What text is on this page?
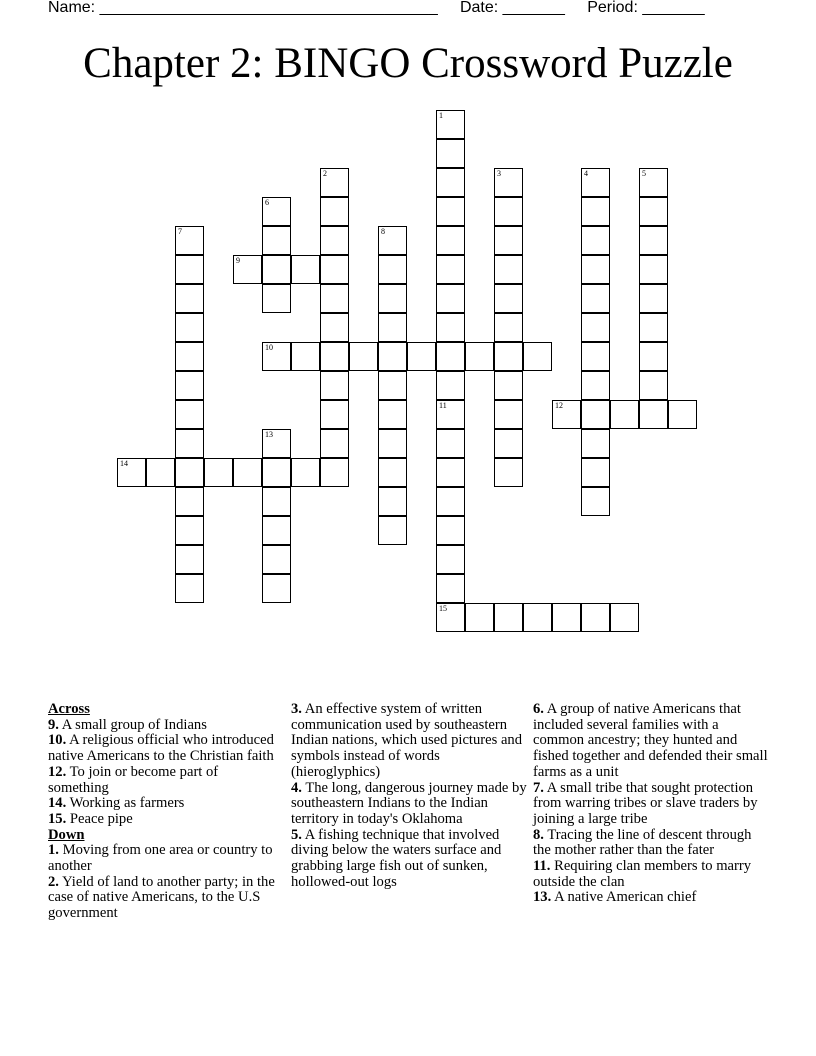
Name: ______________________________________ Date: _______ Period: _______
Chapter 2: BINGO Crossword Puzzle
1
11
2	3	4	5
6
7	8
9
10
15
12
13
14
Across
9. A small group of Indians
10. A religious official who introduced native Americans to the Christian faith
12. To join or become part of something
14. Working as farmers
15. Peace pipe
Down
1. Moving from one area or country to another
2. Yield of land to another party; in the case of native Americans, to the U.S government
3. An effective system of written communication used by southeastern Indian nations, which used pictures and symbols instead of words (hieroglyphics)
4. The long, dangerous journey made by southeastern Indians to the Indian territory in today's Oklahoma
5. A fishing technique that involved diving below the waters surface and grabbing large fish out of sunken, hollowed-out logs
6. A group of native Americans that included several families with a common ancestry; they hunted and fished together and defended their small farms as a unit
7. A small tribe that sought protection from warring tribes or slave traders by joining a large tribe
8. Tracing the line of descent through the mother rather than the fater
11. Requiring clan members to marry outside the clan
13. A native American chief
